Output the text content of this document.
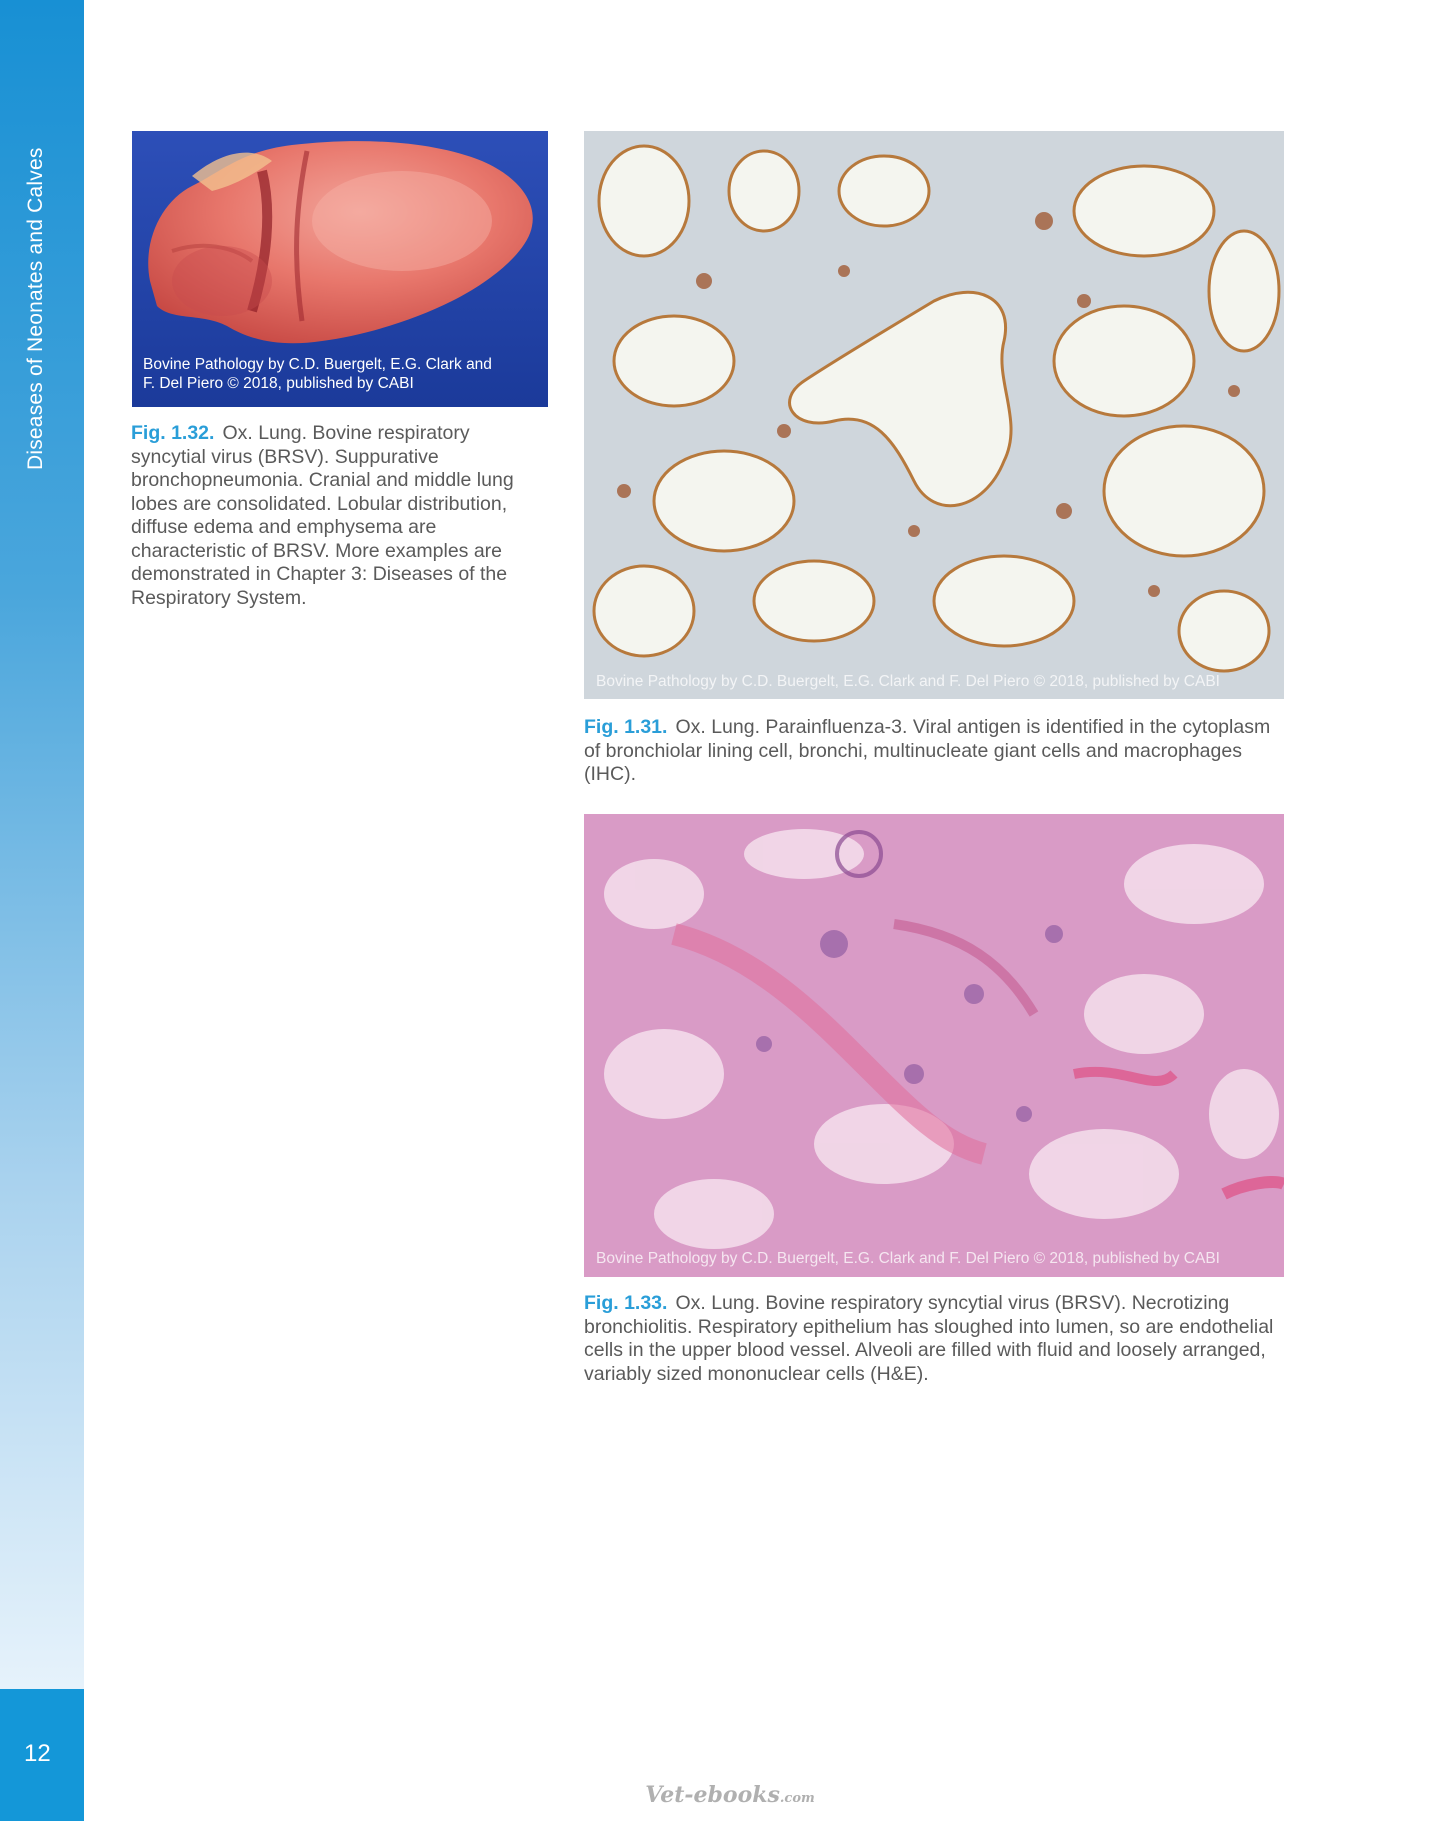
Diseases of Neonates and Calves
12
Bovine Pathology by C.D. Buergelt, E.G. Clark and
F. Del Piero © 2018, published by CABI
Fig. 1.32. Ox. Lung. Bovine respiratory syncytial virus (BRSV). Suppurative bronchopneumonia. Cranial and middle lung lobes are consolidated. Lobular distribution, diffuse edema and emphysema are characteristic of BRSV. More examples are demonstrated in Chapter 3: Diseases of the Respiratory System.
Bovine Pathology by C.D. Buergelt, E.G. Clark and F. Del Piero © 2018, published by CABI
Fig. 1.31. Ox. Lung. Parainfluenza-3. Viral antigen is identified in the cytoplasm of bronchiolar lining cell, bronchi, multinucleate giant cells and macrophages (IHC).
Bovine Pathology by C.D. Buergelt, E.G. Clark and F. Del Piero © 2018, published by CABI
Fig. 1.33. Ox. Lung. Bovine respiratory syncytial virus (BRSV). Necrotizing bronchiolitis. Respiratory epithelium has sloughed into lumen, so are endothelial cells in the upper blood vessel. Alveoli are filled with fluid and loosely arranged, variably sized mononuclear cells (H&E).
Vet-ebooks.com
